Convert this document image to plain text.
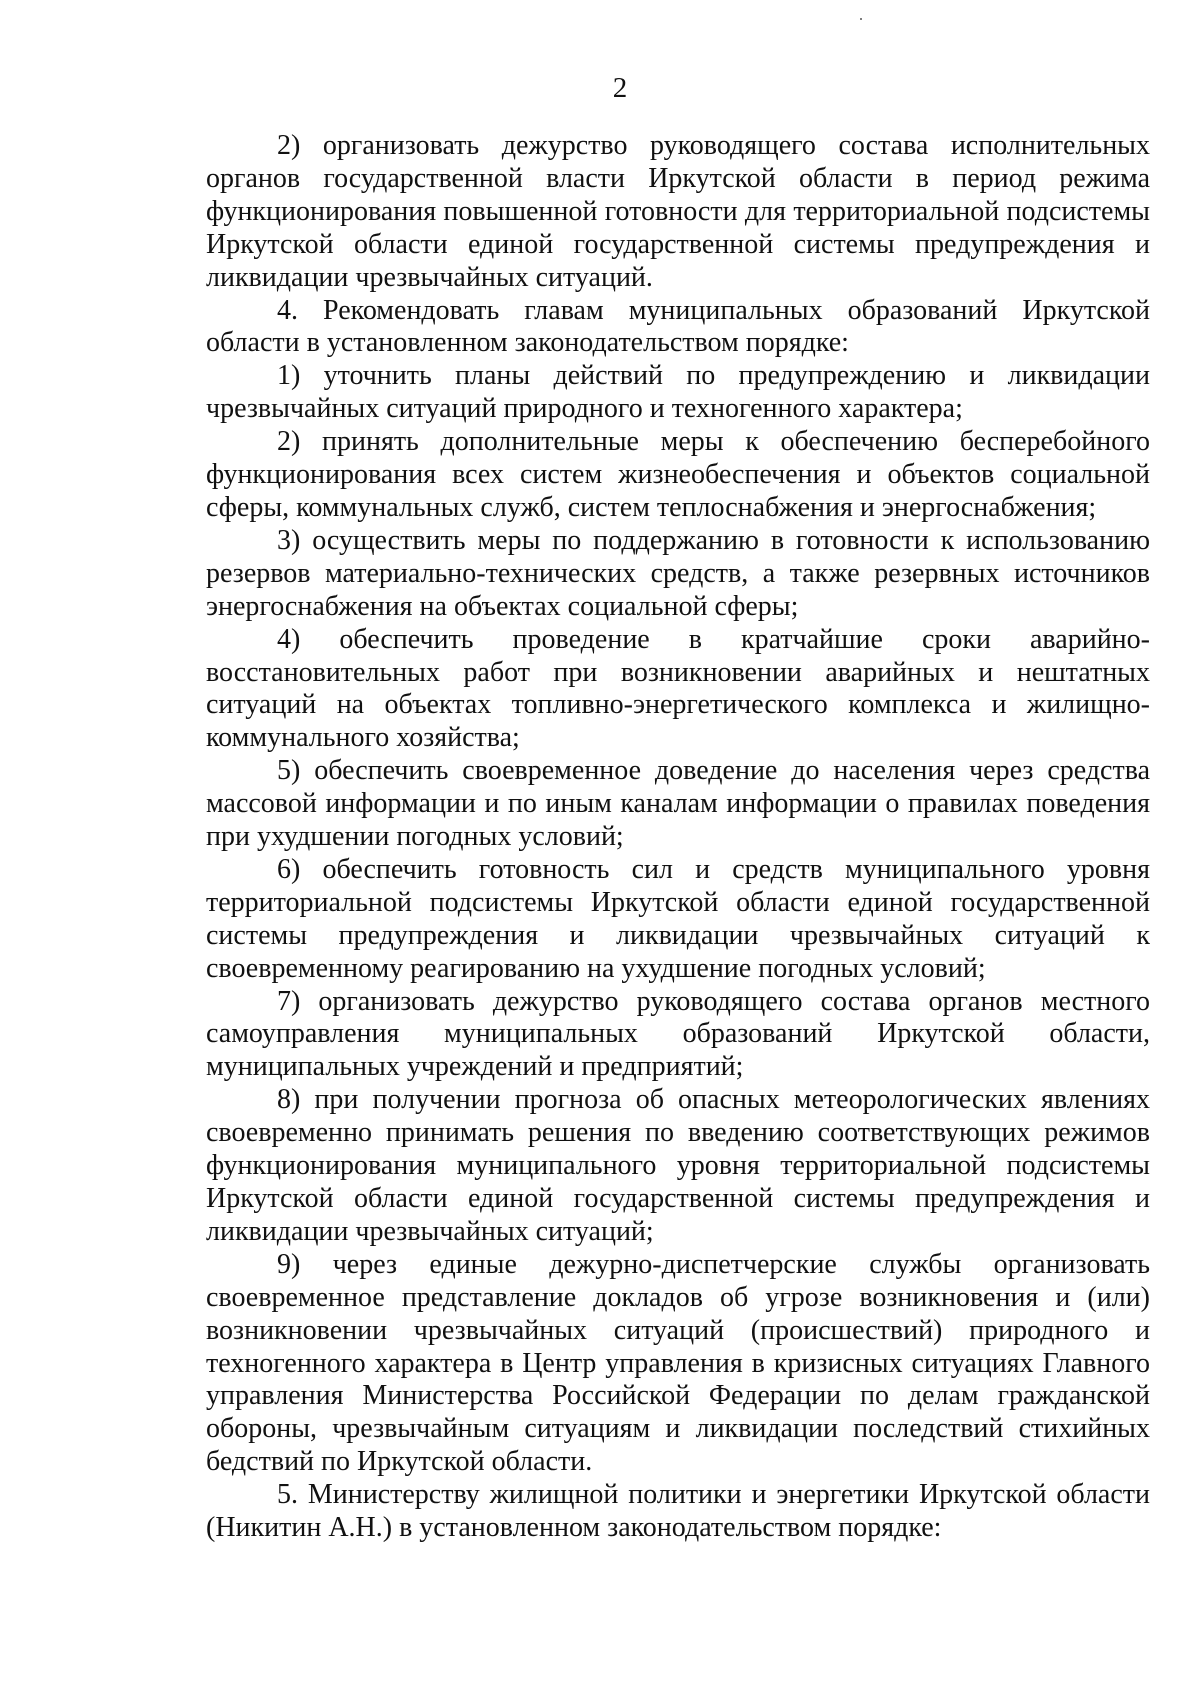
2

2) организовать дежурство руководящего состава исполнительных органов государственной власти Иркутской области в период режима функционирования повышенной готовности для территориальной подсистемы Иркутской области единой государственной системы предупреждения и ликвидации чрезвычайных ситуаций.

4. Рекомендовать главам муниципальных образований Иркутской области в установленном законодательством порядке:

1) уточнить планы действий по предупреждению и ликвидации чрезвычайных ситуаций природного и техногенного характера;

2) принять дополнительные меры к обеспечению бесперебойного функционирования всех систем жизнеобеспечения и объектов социальной сферы, коммунальных служб, систем теплоснабжения и энергоснабжения;

3) осуществить меры по поддержанию в готовности к использованию резервов материально-технических средств, а также резервных источников энергоснабжения на объектах социальной сферы;

4) обеспечить проведение в кратчайшие сроки аварийно-восстановительных работ при возникновении аварийных и нештатных ситуаций на объектах топливно-энергетического комплекса и жилищно-коммунального хозяйства;

5) обеспечить своевременное доведение до населения через средства массовой информации и по иным каналам информации о правилах поведения при ухудшении погодных условий;

6) обеспечить готовность сил и средств муниципального уровня территориальной подсистемы Иркутской области единой государственной системы предупреждения и ликвидации чрезвычайных ситуаций к своевременному реагированию на ухудшение погодных условий;

7) организовать дежурство руководящего состава органов местного самоуправления муниципальных образований Иркутской области, муниципальных учреждений и предприятий;

8) при получении прогноза об опасных метеорологических явлениях своевременно принимать решения по введению соответствующих режимов функционирования муниципального уровня территориальной подсистемы Иркутской области единой государственной системы предупреждения и ликвидации чрезвычайных ситуаций;

9) через единые дежурно-диспетчерские службы организовать своевременное представление докладов об угрозе возникновения и (или) возникновении чрезвычайных ситуаций (происшествий) природного и техногенного характера в Центр управления в кризисных ситуациях Главного управления Министерства Российской Федерации по делам гражданской обороны, чрезвычайным ситуациям и ликвидации последствий стихийных бедствий по Иркутской области.

5. Министерству жилищной политики и энергетики Иркутской области (Никитин А.Н.) в установленном законодательством порядке:
